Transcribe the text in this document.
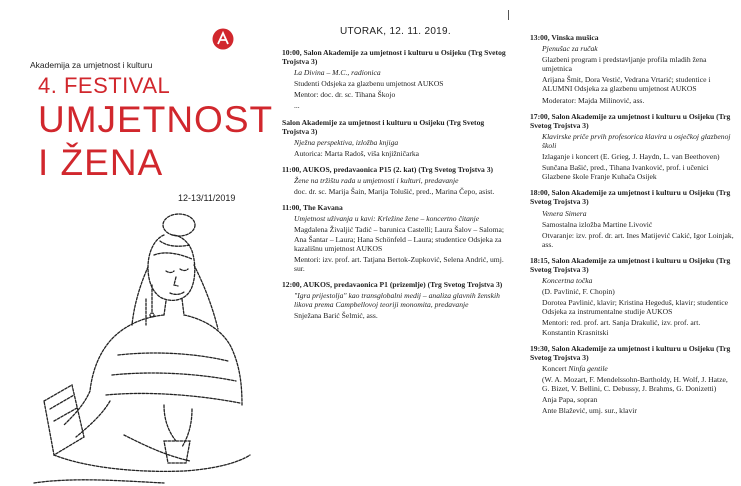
Akademija za umjetnost i kulturu
4. FESTIVAL
UMJETNOST
I ŽENA
12-13/11/2019
UTORAK, 12. 11. 2019.
10:00, Salon Akademije za umjetnost i kulturu u Osijeku (Trg Svetog Trojstva 3)
La Divina – M.C., radionica
Studenti Odsjeka za glazbenu umjetnost AUKOS
Mentor: doc. dr. sc. Tihana Škojo
...
Salon Akademije za umjetnost i kulturu u Osijeku (Trg Svetog Trojstva 3)
Nježna perspektiva, izložba knjiga
Autorica: Marta Radoš, viša knjižničarka
11:00, AUKOS, predavaonica P15 (2. kat) (Trg Svetog Trojstva 3)
Žene na tržištu rada u umjetnosti i kulturi, predavanje
doc. dr. sc. Marija Šain, Marija Tolušić, pred., Marina Čepo, asist.
11:00, The Kavana
Umjetnost uživanja u kavi: Krležine žene – koncertno čitanje
Magdalena Živaljić Tadić – barunica Castelli; Laura Šalov – Saloma; Ana Šantar – Laura; Hana Schönfeld – Laura; studentice Odsjeka za kazališnu umjetnost AUKOS
Mentori: izv. prof. art. Tatjana Bertok-Zupković, Selena Andrić, umj. sur.
12:00, AUKOS, predavaonica P1 (prizemlje) (Trg Svetog Trojstva 3)
"Igra prijestolja" kao transglobalni medij – analiza glavnih ženskih likova prema Campbellovoj teoriji monomita, predavanje
Snježana Barić Šelmić, ass.
13:00, Vinska mušica
Pjenušac za ručak
Glazbeni program i predstavljanje profila mladih žena umjetnica
Arijana Šmit, Dora Vestić, Vedrana Vrtarić; studentice i ALUMNI Odsjeka za glazbenu umjetnost AUKOS
Moderator: Majda Milinović, ass.
17:00, Salon Akademije za umjetnost i kulturu u Osijeku (Trg Svetog Trojstva 3)
Klavirske priče prvih profesorica klavira u osječkoj glazbenoj školi
Izlaganje i koncert (E. Grieg, J. Haydn, L. van Beethoven)
Sunčana Bašić, pred., Tihana Ivanković, prof. i učenici Glazbene škole Franje Kuhača Osijek
18:00, Salon Akademije za umjetnost i kulturu u Osijeku (Trg Svetog Trojstva 3)
Venera Simera
Samostalna izložba Martine Livović
Otvaranje: izv. prof. dr. art. Ines Matijević Cakić, Igor Loinjak, ass.
18:15, Salon Akademije za umjetnost i kulturu u Osijeku (Trg Svetog Trojstva 3)
Koncertna točka
(D. Pavlinić, F. Chopin)
Dorotea Pavlinić, klavir; Kristina Hegeduš, klavir; studentice Odsjeka za instrumentalne studije AUKOS
Mentori: red. prof. art. Sanja Drakulić, izv. prof. art. Konstantin Krasnitski
19:30, Salon Akademije za umjetnost i kulturu u Osijeku (Trg Svetog Trojstva 3)
Koncert Ninfa gentile
(W. A. Mozart, F. Mendelssohn-Bartholdy, H. Wolf, J. Hatze, G. Bizet, V. Bellini, C. Debussy, J. Brahms, G. Donizetti)
Anja Papa, sopran
Ante Blažević, umj. sur., klavir
